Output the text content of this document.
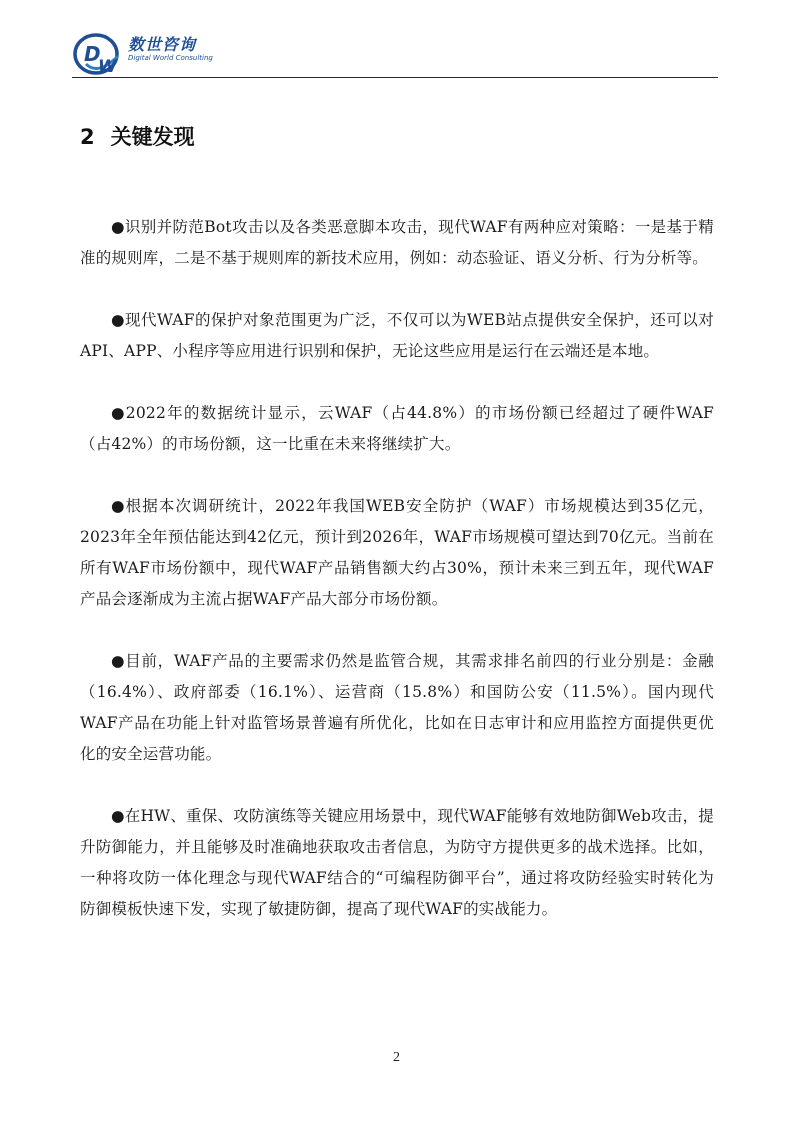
D
W
数世咨询
Digital World Consulting
2 关键发现

●识别并防范Bot攻击以及各类恶意脚本攻击，现代WAF有两种应对策略：一是基于精准的规则库，二是不基于规则库的新技术应用，例如：动态验证、语义分析、行为分析等。

●现代WAF的保护对象范围更为广泛，不仅可以为WEB站点提供安全保护，还可以对API、APP、小程序等应用进行识别和保护，无论这些应用是运行在云端还是本地。

●2022年的数据统计显示，云WAF（占44.8%）的市场份额已经超过了硬件WAF（占42%）的市场份额，这一比重在未来将继续扩大。

●根据本次调研统计，2022年我国WEB安全防护（WAF）市场规模达到35亿元， 2023年全年预估能达到42亿元，预计到2026年，WAF市场规模可望达到70亿元。当前在所有WAF市场份额中，现代WAF产品销售额大约占30%，预计未来三到五年，现代WAF产品会逐渐成为主流占据WAF产品大部分市场份额。

●目前，WAF产品的主要需求仍然是监管合规，其需求排名前四的行业分别是：金融（16.4%）、政府部委（16.1%）、运营商（15.8%）和国防公安（11.5%）。国内现代WAF产品在功能上针对监管场景普遍有所优化，比如在日志审计和应用监控方面提供更优化的安全运营功能。

●在HW、重保、攻防演练等关键应用场景中，现代WAF能够有效地防御Web攻击，提升防御能力，并且能够及时准确地获取攻击者信息，为防守方提供更多的战术选择。比如，一种将攻防一体化理念与现代WAF结合的“可编程防御平台”，通过将攻防经验实时转化为防御模板快速下发，实现了敏捷防御，提高了现代WAF的实战能力。

2
